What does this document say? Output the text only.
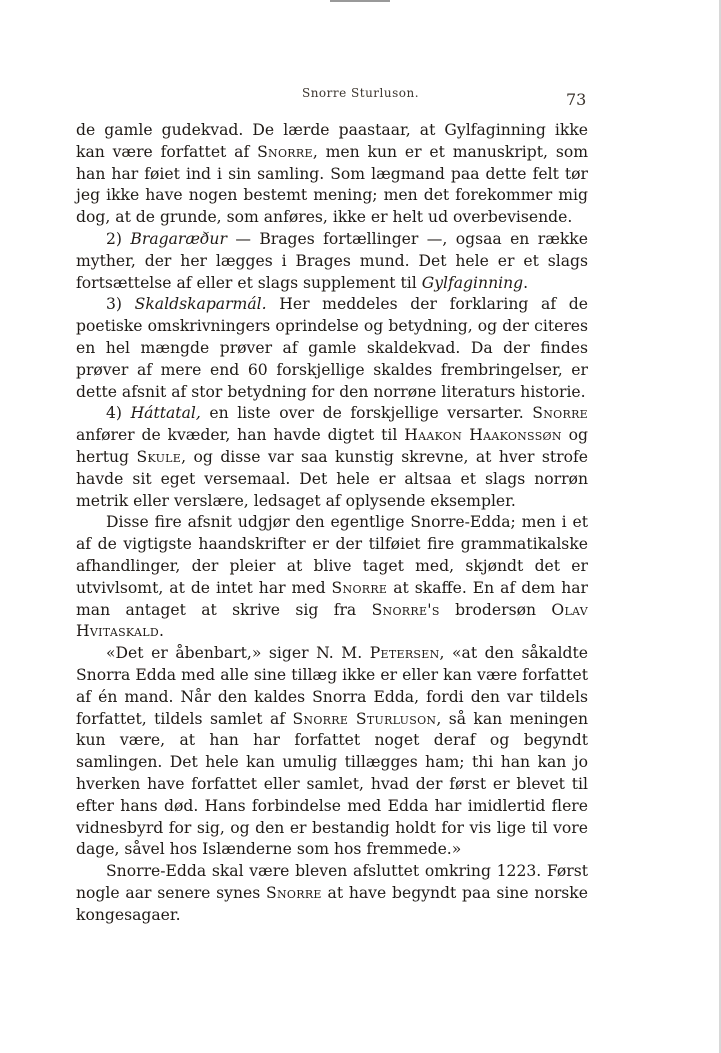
Snorre Sturluson.	73

de gamle gudekvad. De lærde paastaar, at Gylfaginning ikke kan være forfattet af Snorre, men kun er et manuskript, som han har føiet ind i sin samling. Som lægmand paa dette felt tør jeg ikke have nogen bestemt mening; men det forekommer mig dog, at de grunde, som anføres, ikke er helt ud overbevisende.

2) Bragaræður — Brages fortællinger —, ogsaa en række myther, der her lægges i Brages mund. Det hele er et slags fortsættelse af eller et slags supplement til Gylfaginning.

3) Skaldskaparmál. Her meddeles der forklaring af de poetiske omskrivningers oprindelse og betydning, og der citeres en hel mængde prøver af gamle skaldekvad. Da der findes prøver af mere end 60 forskjellige skaldes frembringelser, er dette afsnit af stor betydning for den norrøne literaturs historie.

4) Háttatal, en liste over de forskjellige versarter. Snorre anfører de kvæder, han havde digtet til Haakon Haakonssøn og hertug Skule, og disse var saa kunstig skrevne, at hver strofe havde sit eget versemaal. Det hele er altsaa et slags norrøn metrik eller verslære, ledsaget af oplysende eksempler.

Disse fire afsnit udgjør den egentlige Snorre-Edda; men i et af de vigtigste haandskrifter er der tilføiet fire grammatikalske afhandlinger, der pleier at blive taget med, skjøndt det er utvivlsomt, at de intet har med Snorre at skaffe. En af dem har man antaget at skrive sig fra Snorre's brodersøn Olav Hvitaskald.

«Det er åbenbart,» siger N. M. Petersen, «at den såkaldte Snorra Edda med alle sine tillæg ikke er eller kan være forfattet af én mand. Når den kaldes Snorra Edda, fordi den var tildels forfattet, tildels samlet af Snorre Sturluson, så kan meningen kun være, at han har forfattet noget deraf og begyndt samlingen. Det hele kan umulig tillægges ham; thi han kan jo hverken have forfattet eller samlet, hvad der først er blevet til efter hans død. Hans forbindelse med Edda har imidlertid flere vidnesbyrd for sig, og den er bestandig holdt for vis lige til vore dage, såvel hos Islænderne som hos fremmede.»

Snorre-Edda skal være bleven afsluttet omkring 1223. Først nogle aar senere synes Snorre at have begyndt paa sine norske kongesagaer.
